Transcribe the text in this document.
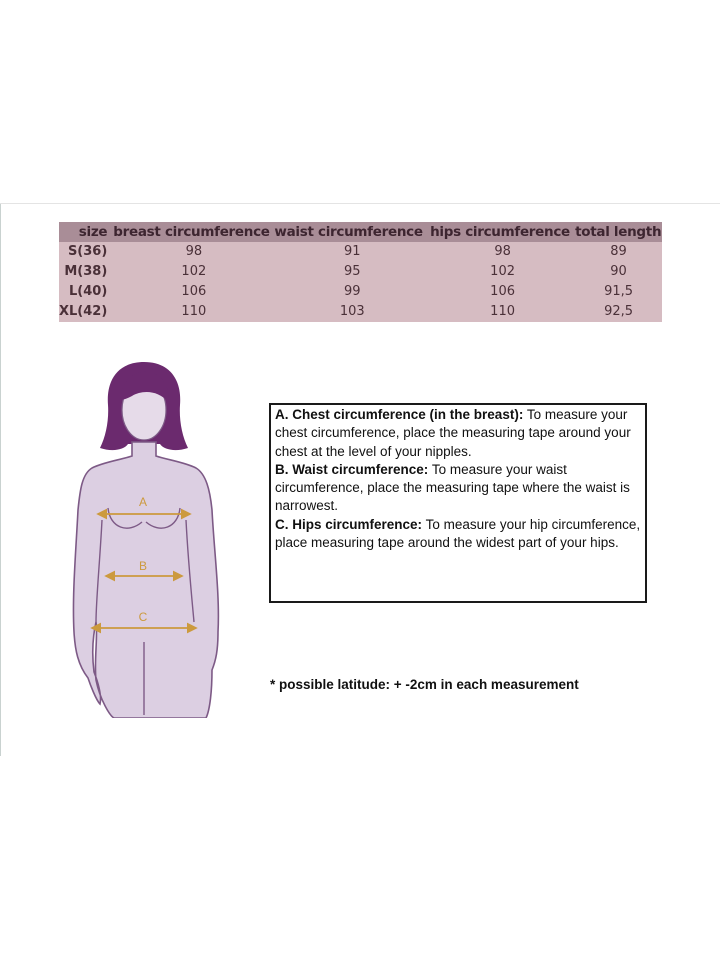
size	breast circumference	waist circumference	hips circumference	total length
S(36)	98	91	98	89
M(38)	102	95	102	90
L(40)	106	99	106	91,5
XL(42)	110	103	110	92,5
A
B
C

A. Chest circumference (in the breast): To measure your chest circumference, place the measuring tape around your chest at the level of your nipples.

B. Waist circumference: To measure your waist circumference, place the measuring tape where the waist is narrowest.

C. Hips circumference: To measure your hip circumference, place measuring tape around the widest part of your hips.

* possible latitude: + -2cm in each measurement
